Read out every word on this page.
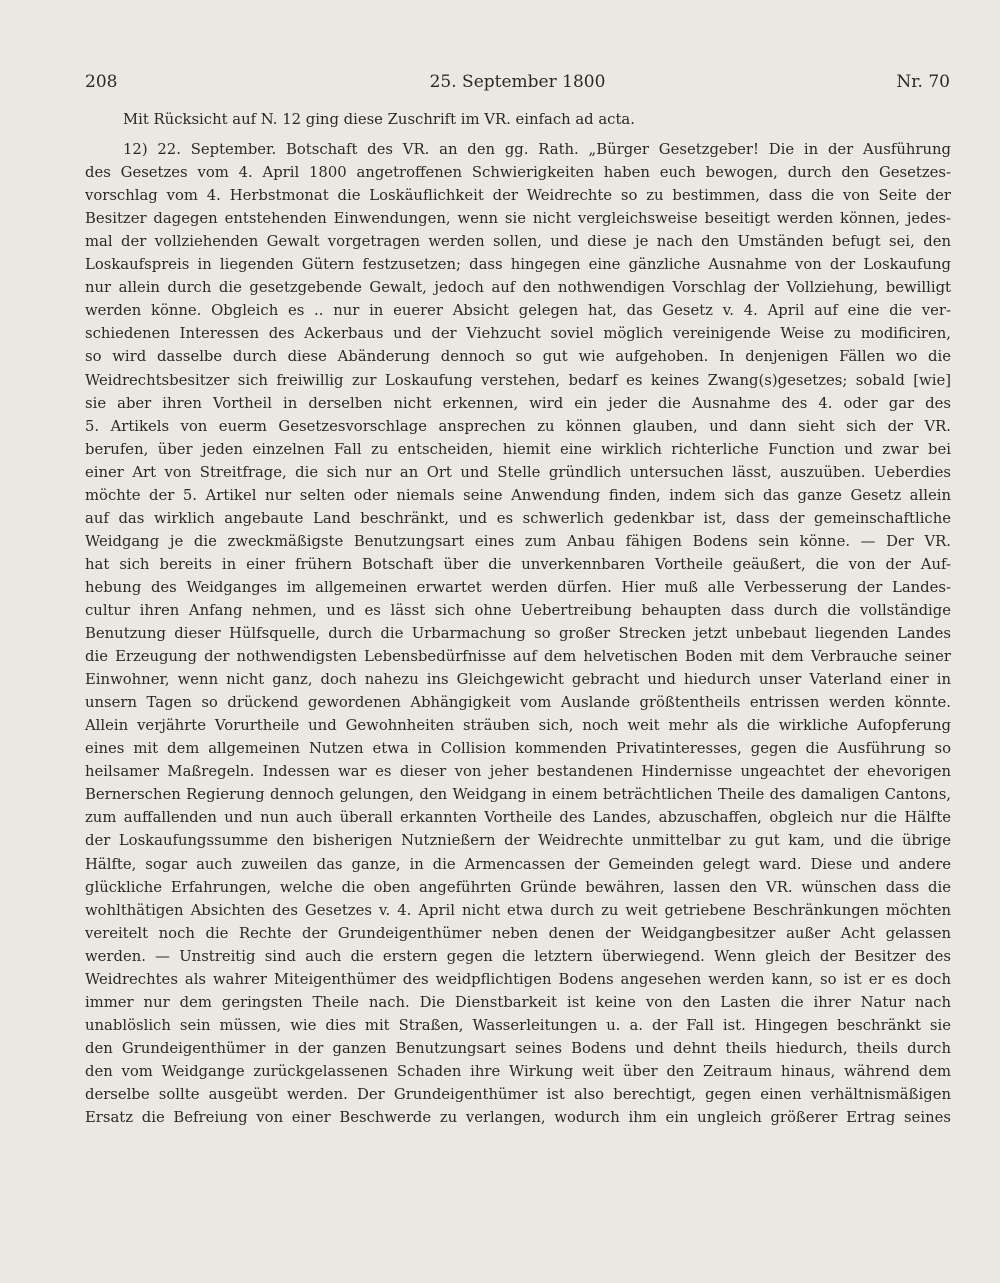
208	25. September 1800	Nr. 70
Mit Rücksicht auf N. 12 ging diese Zuschrift im VR. einfach ad acta.
12) 22. September. Botschaft des VR. an den gg. Rath. „Bürger Gesetzgeber! Die in der Ausführung
des Gesetzes vom 4. April 1800 angetroffenen Schwierigkeiten haben euch bewogen, durch den Gesetzes-
vorschlag vom 4. Herbstmonat die Loskäuflichkeit der Weidrechte so zu bestimmen, dass die von Seite der
Besitzer dagegen entstehenden Einwendungen, wenn sie nicht vergleichsweise beseitigt werden können, jedes-
mal der vollziehenden Gewalt vorgetragen werden sollen, und diese je nach den Umständen befugt sei, den
Loskaufspreis in liegenden Gütern festzusetzen; dass hingegen eine gänzliche Ausnahme von der Loskaufung
nur allein durch die gesetzgebende Gewalt, jedoch auf den nothwendigen Vorschlag der Vollziehung, bewilligt
werden könne. Obgleich es .. nur in euerer Absicht gelegen hat, das Gesetz v. 4. April auf eine die ver-
schiedenen Interessen des Ackerbaus und der Viehzucht soviel möglich vereinigende Weise zu modificiren,
so wird dasselbe durch diese Abänderung dennoch so gut wie aufgehoben. In denjenigen Fällen wo die
Weidrechtsbesitzer sich freiwillig zur Loskaufung verstehen, bedarf es keines Zwang(s)gesetzes; sobald [wie]
sie aber ihren Vortheil in derselben nicht erkennen, wird ein jeder die Ausnahme des 4. oder gar des
5. Artikels von euerm Gesetzesvorschlage ansprechen zu können glauben, und dann sieht sich der VR.
berufen, über jeden einzelnen Fall zu entscheiden, hiemit eine wirklich richterliche Function und zwar bei
einer Art von Streitfrage, die sich nur an Ort und Stelle gründlich untersuchen lässt, auszuüben. Ueberdies
möchte der 5. Artikel nur selten oder niemals seine Anwendung finden, indem sich das ganze Gesetz allein
auf das wirklich angebaute Land beschränkt, und es schwerlich gedenkbar ist, dass der gemeinschaftliche
Weidgang je die zweckmäßigste Benutzungsart eines zum Anbau fähigen Bodens sein könne. — Der VR.
hat sich bereits in einer frühern Botschaft über die unverkennbaren Vortheile geäußert, die von der Auf-
hebung des Weidganges im allgemeinen erwartet werden dürfen. Hier muß alle Verbesserung der Landes-
cultur ihren Anfang nehmen, und es lässt sich ohne Uebertreibung behaupten dass durch die vollständige
Benutzung dieser Hülfsquelle, durch die Urbarmachung so großer Strecken jetzt unbebaut liegenden Landes
die Erzeugung der nothwendigsten Lebensbedürfnisse auf dem helvetischen Boden mit dem Verbrauche seiner
Einwohner, wenn nicht ganz, doch nahezu ins Gleichgewicht gebracht und hiedurch unser Vaterland einer in
unsern Tagen so drückend gewordenen Abhängigkeit vom Auslande größtentheils entrissen werden könnte.
Allein verjährte Vorurtheile und Gewohnheiten sträuben sich, noch weit mehr als die wirkliche Aufopferung
eines mit dem allgemeinen Nutzen etwa in Collision kommenden Privatinteresses, gegen die Ausführung so
heilsamer Maßregeln. Indessen war es dieser von jeher bestandenen Hindernisse ungeachtet der ehevorigen
Bernerschen Regierung dennoch gelungen, den Weidgang in einem beträchtlichen Theile des damaligen Cantons,
zum auffallenden und nun auch überall erkannten Vortheile des Landes, abzuschaffen, obgleich nur die Hälfte
der Loskaufungssumme den bisherigen Nutznießern der Weidrechte unmittelbar zu gut kam, und die übrige
Hälfte, sogar auch zuweilen das ganze, in die Armencassen der Gemeinden gelegt ward. Diese und andere
glückliche Erfahrungen, welche die oben angeführten Gründe bewähren, lassen den VR. wünschen dass die
wohlthätigen Absichten des Gesetzes v. 4. April nicht etwa durch zu weit getriebene Beschränkungen möchten
vereitelt noch die Rechte der Grundeigenthümer neben denen der Weidgangbesitzer außer Acht gelassen
werden. — Unstreitig sind auch die erstern gegen die letztern überwiegend. Wenn gleich der Besitzer des
Weidrechtes als wahrer Miteigenthümer des weidpflichtigen Bodens angesehen werden kann, so ist er es doch
immer nur dem geringsten Theile nach. Die Dienstbarkeit ist keine von den Lasten die ihrer Natur nach
unablöslich sein müssen, wie dies mit Straßen, Wasserleitungen u. a. der Fall ist. Hingegen beschränkt sie
den Grundeigenthümer in der ganzen Benutzungsart seines Bodens und dehnt theils hiedurch, theils durch
den vom Weidgange zurückgelassenen Schaden ihre Wirkung weit über den Zeitraum hinaus, während dem
derselbe sollte ausgeübt werden. Der Grundeigenthümer ist also berechtigt, gegen einen verhältnismäßigen
Ersatz die Befreiung von einer Beschwerde zu verlangen, wodurch ihm ein ungleich größerer Ertrag seines
